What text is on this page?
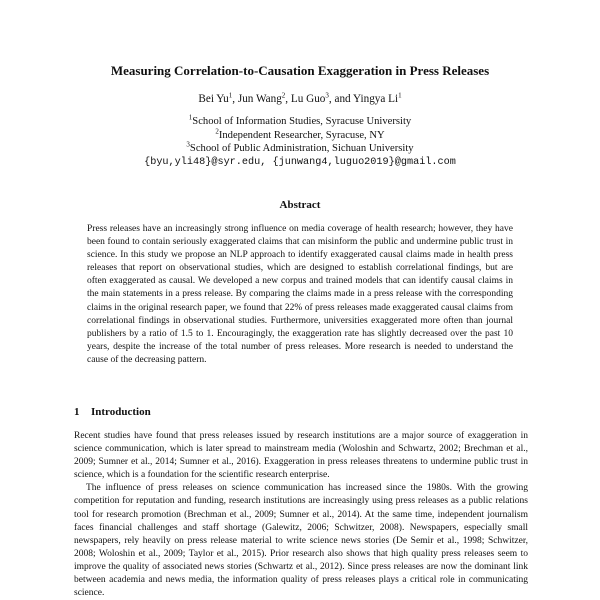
Measuring Correlation-to-Causation Exaggeration in Press Releases
Bei Yu$^1$, Jun Wang$^2$, Lu Guo$^3$, and Yingya Li$^1$
$^1$School of Information Studies, Syracuse University
$^2$Independent Researcher, Syracuse, NY
$^3$School of Public Administration, Sichuan University
{byu,yli48}@syr.edu, {junwang4,luguo2019}@gmail.com
Abstract
Press releases have an increasingly strong influence on media coverage of health research; however, they have been found to contain seriously exaggerated claims that can misinform the public and undermine public trust in science. In this study we propose an NLP approach to identify exaggerated causal claims made in health press releases that report on observational studies, which are designed to establish correlational findings, but are often exaggerated as causal. We developed a new corpus and trained models that can identify causal claims in the main statements in a press release. By comparing the claims made in a press release with the corresponding claims in the original research paper, we found that 22% of press releases made exaggerated causal claims from correlational findings in observational studies. Furthermore, universities exaggerated more often than journal publishers by a ratio of 1.5 to 1. Encouragingly, the exaggeration rate has slightly decreased over the past 10 years, despite the increase of the total number of press releases. More research is needed to understand the cause of the decreasing pattern.
1 Introduction

Recent studies have found that press releases issued by research institutions are a major source of exaggeration in science communication, which is later spread to mainstream media (Woloshin and Schwartz, 2002; Brechman et al., 2009; Sumner et al., 2014; Sumner et al., 2016). Exaggeration in press releases threatens to undermine public trust in science, which is a foundation for the scientific research enterprise.

The influence of press releases on science communication has increased since the 1980s. With the growing competition for reputation and funding, research institutions are increasingly using press releases as a public relations tool for research promotion (Brechman et al., 2009; Sumner et al., 2014). At the same time, independent journalism faces financial challenges and staff shortage (Galewitz, 2006; Schwitzer, 2008). Newspapers, especially small newspapers, rely heavily on press release material to write science news stories (De Semir et al., 1998; Schwitzer, 2008; Woloshin et al., 2009; Taylor et al., 2015). Prior research also shows that high quality press releases seem to improve the quality of associated news stories (Schwartz et al., 2012). Since press releases are now the dominant link between academia and news media, the information quality of press releases plays a critical role in communicating science.
